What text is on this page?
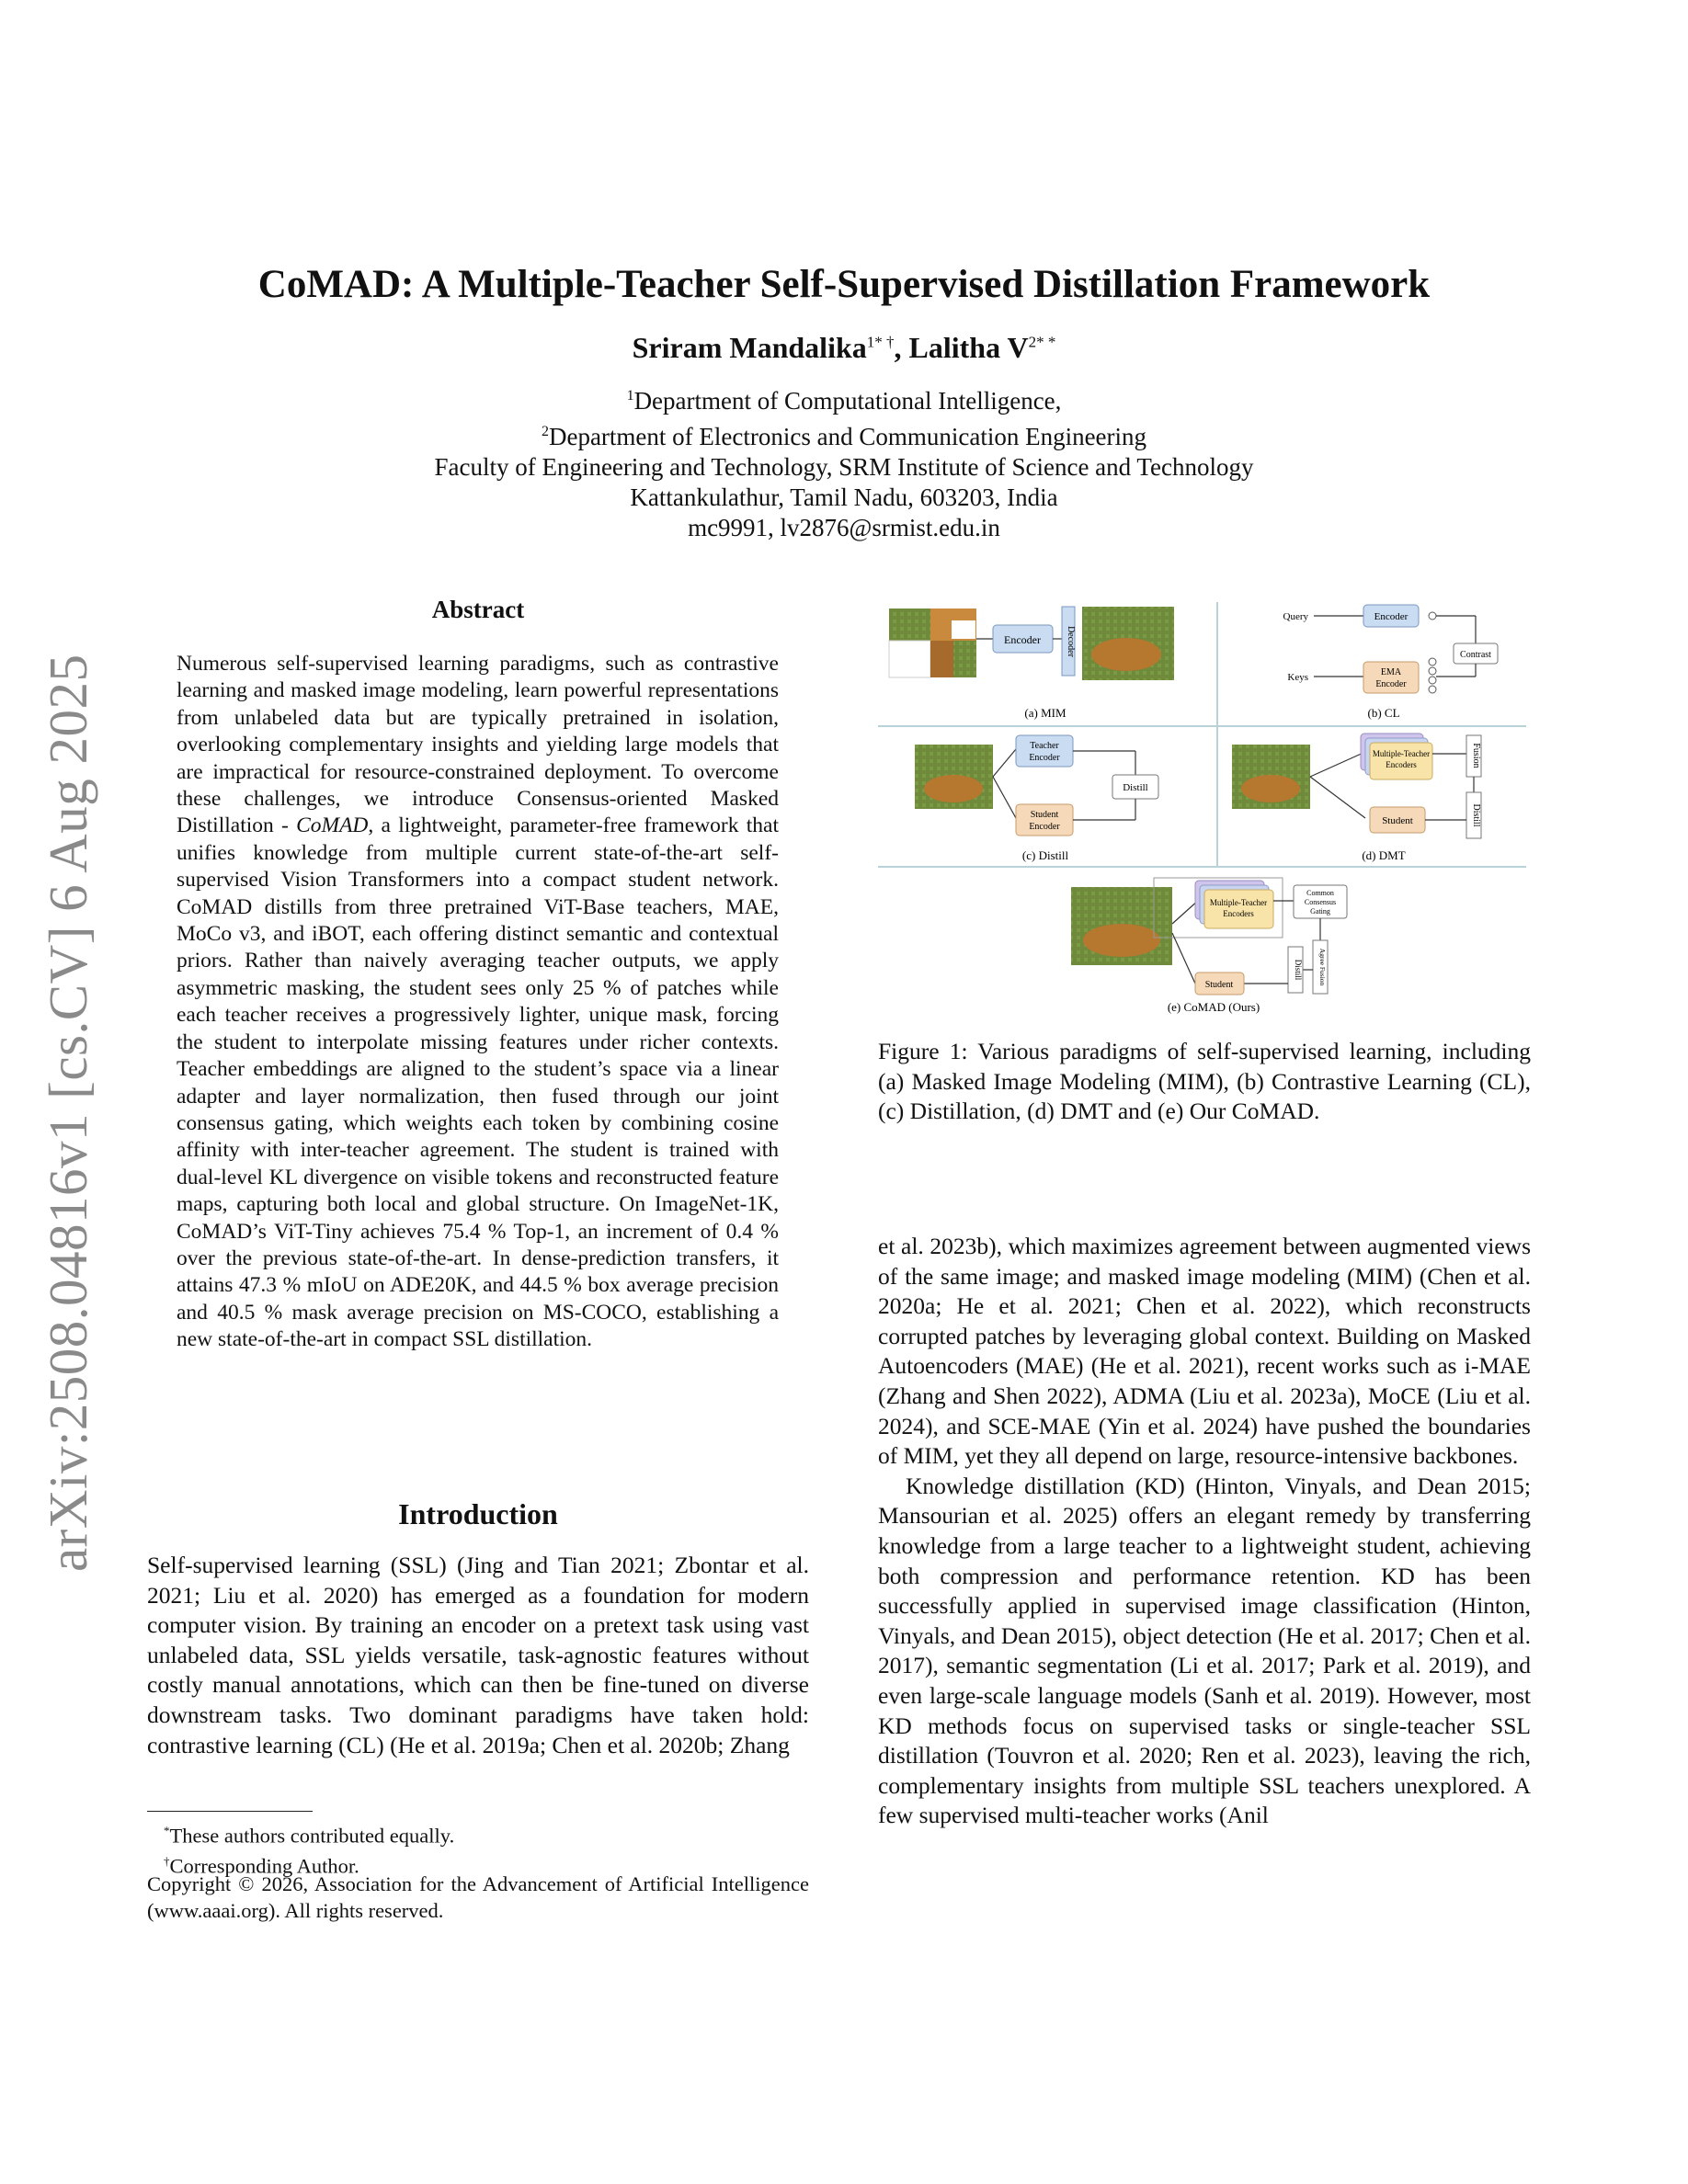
arXiv:2508.04816v1 [cs.CV] 6 Aug 2025
CoMAD: A Multiple-Teacher Self-Supervised Distillation Framework
Sriram Mandalika$^{1* \dagger}$, Lalitha $V^{2* *}$
$^1$Department of Computational Intelligence,
$^2$Department of Electronics and Communication Engineering
Faculty of Engineering and Technology, SRM Institute of Science and Technology
Kattankulathur, Tamil Nadu, 603203, India
mc9991, lv2876@srmist.edu.in
Abstract
Numerous self-supervised learning paradigms, such as contrastive learning and masked image modeling, learn powerful representations from unlabeled data but are typically pretrained in isolation, overlooking complementary insights and yielding large models that are impractical for resource-constrained deployment. To overcome these challenges, we introduce Consensus-oriented Masked Distillation - CoMAD, a lightweight, parameter-free framework that unifies knowledge from multiple current state-of-the-art self-supervised Vision Transformers into a compact student network. CoMAD distills from three pretrained ViT-Base teachers, MAE, MoCo v3, and iBOT, each offering distinct semantic and contextual priors. Rather than naively averaging teacher outputs, we apply asymmetric masking, the student sees only 25 % of patches while each teacher receives a progressively lighter, unique mask, forcing the student to interpolate missing features under richer contexts. Teacher embeddings are aligned to the student’s space via a linear adapter and layer normalization, then fused through our joint consensus gating, which weights each token by combining cosine affinity with inter-teacher agreement. The student is trained with dual-level KL divergence on visible tokens and reconstructed feature maps, capturing both local and global structure. On ImageNet-1K, CoMAD’s ViT-Tiny achieves 75.4 % Top-1, an increment of 0.4 % over the previous state-of-the-art. In dense-prediction transfers, it attains 47.3 % mIoU on ADE20K, and 44.5 % box average precision and 40.5 % mask average precision on MS-COCO, establishing a new state-of-the-art in compact SSL distillation.
Introduction
Self-supervised learning (SSL) (Jing and Tian 2021; Zbontar et al. 2021; Liu et al. 2020) has emerged as a foundation for modern computer vision. By training an encoder on a pretext task using vast unlabeled data, SSL yields versatile, task-agnostic features without costly manual annotations, which can then be fine-tuned on diverse downstream tasks. Two dominant paradigms have taken hold: contrastive learning (CL) (He et al. 2019a; Chen et al. 2020b; Zhang
*These authors contributed equally.
†Corresponding Author.
Copyright © 2026, Association for the Advancement of Artificial Intelligence (www.aaai.org). All rights reserved.
Encoder	Decoder
(a) MIM
Query	Encoder
Contrast
Keys	EMA
Encoder
(b) CL
Teacher
Encoder
Student
Encoder
Distill
(c) Distill
Multiple-Teacher
Encoders
Student
Fusion
Distill
(d) DMT
Multiple-Teacher
Encoders
Common
Consensus
Gating
Agree Fusion
Distill
Student
(e) CoMAD (Ours)
Figure 1: Various paradigms of self-supervised learning, including (a) Masked Image Modeling (MIM), (b) Contrastive Learning (CL), (c) Distillation, (d) DMT and (e) Our CoMAD.

et al. 2023b), which maximizes agreement between augmented views of the same image; and masked image modeling (MIM) (Chen et al. 2020a; He et al. 2021; Chen et al. 2022), which reconstructs corrupted patches by leveraging global context. Building on Masked Autoencoders (MAE) (He et al. 2021), recent works such as i-MAE (Zhang and Shen 2022), ADMA (Liu et al. 2023a), MoCE (Liu et al. 2024), and SCE-MAE (Yin et al. 2024) have pushed the boundaries of MIM, yet they all depend on large, resource-intensive backbones.

Knowledge distillation (KD) (Hinton, Vinyals, and Dean 2015; Mansourian et al. 2025) offers an elegant remedy by transferring knowledge from a large teacher to a lightweight student, achieving both compression and performance retention. KD has been successfully applied in supervised image classification (Hinton, Vinyals, and Dean 2015), object detection (He et al. 2017; Chen et al. 2017), semantic segmentation (Li et al. 2017; Park et al. 2019), and even large-scale language models (Sanh et al. 2019). However, most KD methods focus on supervised tasks or single-teacher SSL distillation (Touvron et al. 2020; Ren et al. 2023), leaving the rich, complementary insights from multiple SSL teachers unexplored. A few supervised multi-teacher works (Anil
